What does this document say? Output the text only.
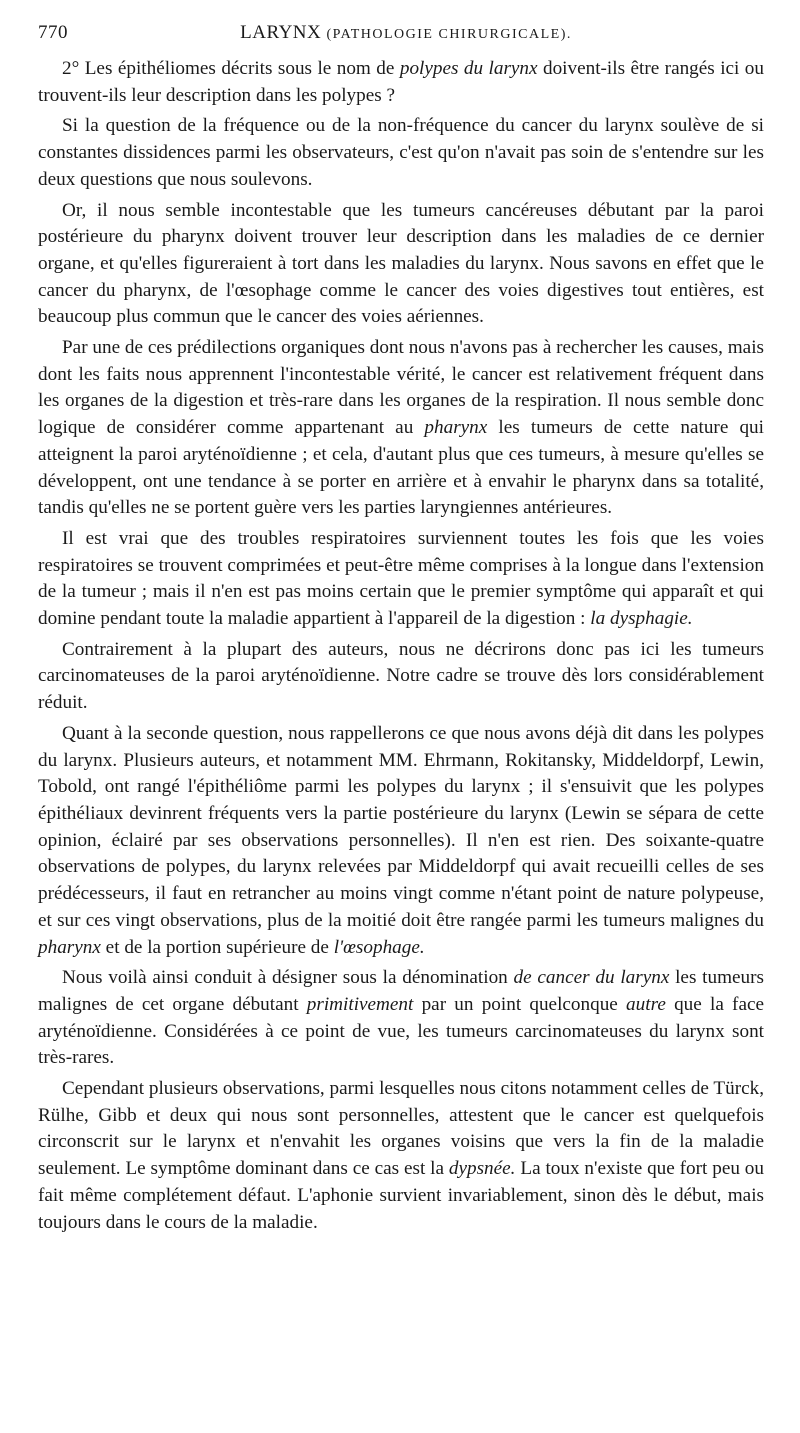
770	LARYNX (PATHOLOGIE CHIRURGICALE).

2° Les épithéliomes décrits sous le nom de polypes du larynx doivent-ils être rangés ici ou trouvent-ils leur description dans les polypes ?

Si la question de la fréquence ou de la non-fréquence du cancer du larynx soulève de si constantes dissidences parmi les observateurs, c'est qu'on n'avait pas soin de s'entendre sur les deux questions que nous soulevons.

Or, il nous semble incontestable que les tumeurs cancéreuses débutant par la paroi postérieure du pharynx doivent trouver leur description dans les maladies de ce dernier organe, et qu'elles figureraient à tort dans les maladies du larynx. Nous savons en effet que le cancer du pharynx, de l'œsophage comme le cancer des voies digestives tout entières, est beaucoup plus commun que le cancer des voies aériennes.

Par une de ces prédilections organiques dont nous n'avons pas à rechercher les causes, mais dont les faits nous apprennent l'incontestable vérité, le cancer est relativement fréquent dans les organes de la digestion et très-rare dans les organes de la respiration. Il nous semble donc logique de considérer comme appartenant au pharynx les tumeurs de cette nature qui atteignent la paroi aryténoïdienne ; et cela, d'autant plus que ces tumeurs, à mesure qu'elles se développent, ont une tendance à se porter en arrière et à envahir le pharynx dans sa totalité, tandis qu'elles ne se portent guère vers les parties laryngiennes antérieures.

Il est vrai que des troubles respiratoires surviennent toutes les fois que les voies respiratoires se trouvent comprimées et peut-être même comprises à la longue dans l'extension de la tumeur ; mais il n'en est pas moins certain que le premier symptôme qui apparaît et qui domine pendant toute la maladie appartient à l'appareil de la digestion : la dysphagie.

Contrairement à la plupart des auteurs, nous ne décrirons donc pas ici les tumeurs carcinomateuses de la paroi aryténoïdienne. Notre cadre se trouve dès lors considérablement réduit.

Quant à la seconde question, nous rappellerons ce que nous avons déjà dit dans les polypes du larynx. Plusieurs auteurs, et notamment MM. Ehrmann, Rokitansky, Middeldorpf, Lewin, Tobold, ont rangé l'épithéliôme parmi les polypes du larynx ; il s'ensuivit que les polypes épithéliaux devinrent fréquents vers la partie postérieure du larynx (Lewin se sépara de cette opinion, éclairé par ses observations personnelles). Il n'en est rien. Des soixante-quatre observations de polypes, du larynx relevées par Middeldorpf qui avait recueilli celles de ses prédécesseurs, il faut en retrancher au moins vingt comme n'étant point de nature polypeuse, et sur ces vingt observations, plus de la moitié doit être rangée parmi les tumeurs malignes du pharynx et de la portion supérieure de l'œsophage.

Nous voilà ainsi conduit à désigner sous la dénomination de cancer du larynx les tumeurs malignes de cet organe débutant primitivement par un point quelconque autre que la face aryténoïdienne. Considérées à ce point de vue, les tumeurs carcinomateuses du larynx sont très-rares.

Cependant plusieurs observations, parmi lesquelles nous citons notamment celles de Türck, Rülhe, Gibb et deux qui nous sont personnelles, attestent que le cancer est quelquefois circonscrit sur le larynx et n'envahit les organes voisins que vers la fin de la maladie seulement. Le symptôme dominant dans ce cas est la dypsnée. La toux n'existe que fort peu ou fait même complétement défaut. L'aphonie survient invariablement, sinon dès le début, mais toujours dans le cours de la maladie.
